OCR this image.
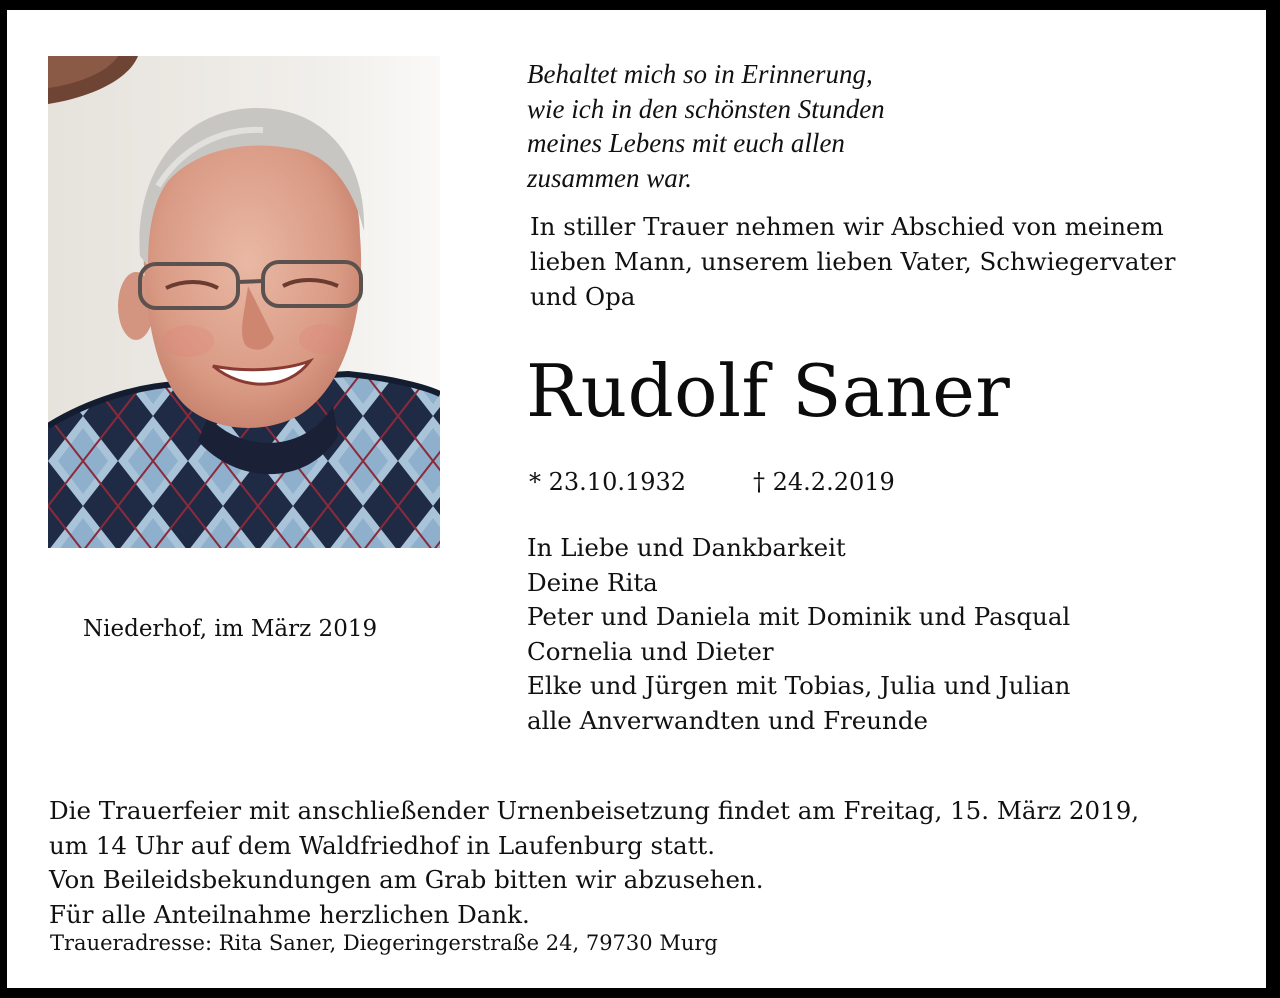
Niederhof, im März 2019
Behaltet mich so in Erinnerung,
wie ich in den schönsten Stunden
meines Lebens mit euch allen
zusammen war.
In stiller Trauer nehmen wir Abschied von meinem
lieben Mann, unserem lieben Vater, Schwiegervater
und Opa
Rudolf Saner
* 23.10.1932	† 24.2.2019
In Liebe und Dankbarkeit
Deine Rita
Peter und Daniela mit Dominik und Pasqual
Cornelia und Dieter
Elke und Jürgen mit Tobias, Julia und Julian
alle Anverwandten und Freunde
Die Trauerfeier mit anschließender Urnenbeisetzung findet am Freitag, 15. März 2019,
um 14 Uhr auf dem Waldfriedhof in Laufenburg statt.
Von Beileidsbekundungen am Grab bitten wir abzusehen.
Für alle Anteilnahme herzlichen Dank.
Traueradresse: Rita Saner, Diegeringerstraße 24, 79730 Murg
